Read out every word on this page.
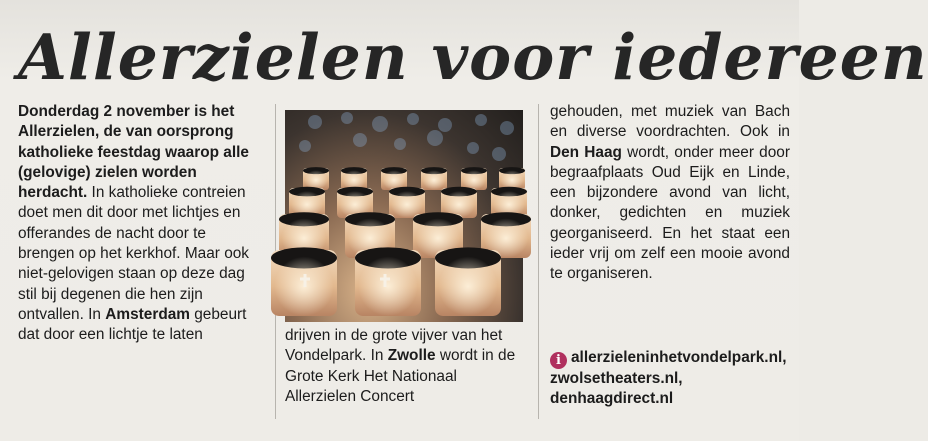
Allerzielen voor iedereen

Donderdag 2 november is het Allerzielen, de van oorsprong katholieke feestdag waarop alle (gelovige) zielen worden herdacht. In katholieke contreien doet men dit door met lichtjes en offerandes de nacht door te brengen op het kerkhof. Maar ook niet-gelovigen staan op deze dag stil bij degenen die hen zijn ontvallen. In Amsterdam gebeurt dat door een lichtje te laten	drijven in de grote vijver van het Vondelpark. In Zwolle wordt in de Grote Kerk Het Nationaal Allerzielen Concert

gehouden, met muziek van Bach en diverse voordrachten. Ook in Den Haag wordt, onder meer door begraafplaats Oud Eijk en Linde, een bijzondere avond van licht, donker, gedichten en muziek georganiseerd. En het staat een ieder vrij om zelf een mooie avond te organiseren.

i allerzieleninhetvondelpark.nl, zwolsetheaters.nl, denhaagdirect.nl
